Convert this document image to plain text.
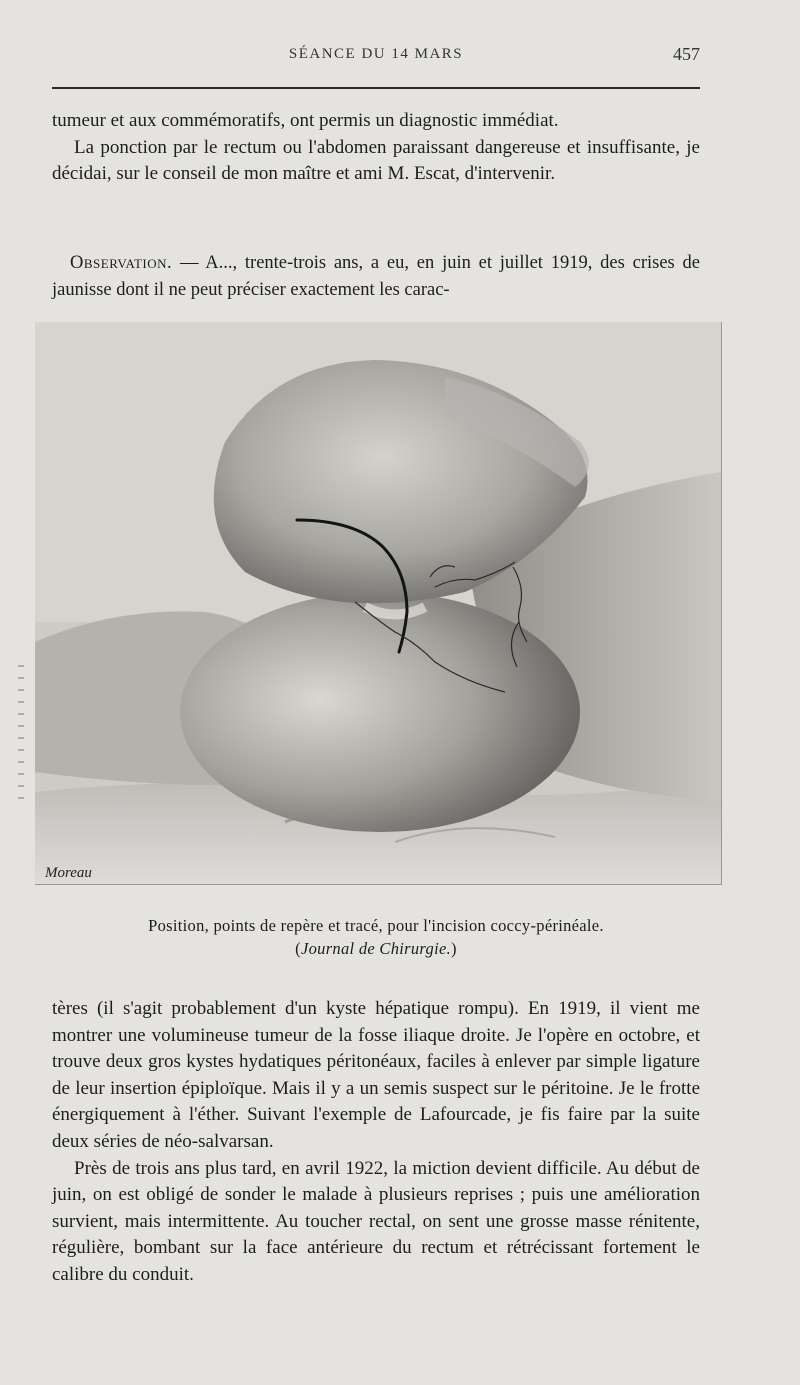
SÉANCE DU 14 MARS	457

tumeur et aux commémoratifs, ont permis un diagnostic immédiat.

La ponction par le rectum ou l'abdomen paraissant dangereuse et insuffisante, je décidai, sur le conseil de mon maître et ami M. Escat, d'intervenir.

Observation. — A..., trente-trois ans, a eu, en juin et juillet 1919, des crises de jaunisse dont il ne peut préciser exactement les carac-

Moreau
Position, points de repère et tracé, pour l'incision coccy-périnéale.
(Journal de Chirurgie.)

tères (il s'agit probablement d'un kyste hépatique rompu). En 1919, il vient me montrer une volumineuse tumeur de la fosse iliaque droite. Je l'opère en octobre, et trouve deux gros kystes hydatiques péritonéaux, faciles à enlever par simple ligature de leur insertion épiploïque. Mais il y a un semis suspect sur le péritoine. Je le frotte énergiquement à l'éther. Suivant l'exemple de Lafourcade, je fis faire par la suite deux séries de néo-salvarsan.

Près de trois ans plus tard, en avril 1922, la miction devient difficile. Au début de juin, on est obligé de sonder le malade à plusieurs reprises ; puis une amélioration survient, mais intermittente. Au toucher rectal, on sent une grosse masse rénitente, régulière, bombant sur la face antérieure du rectum et rétrécissant fortement le calibre du conduit.
